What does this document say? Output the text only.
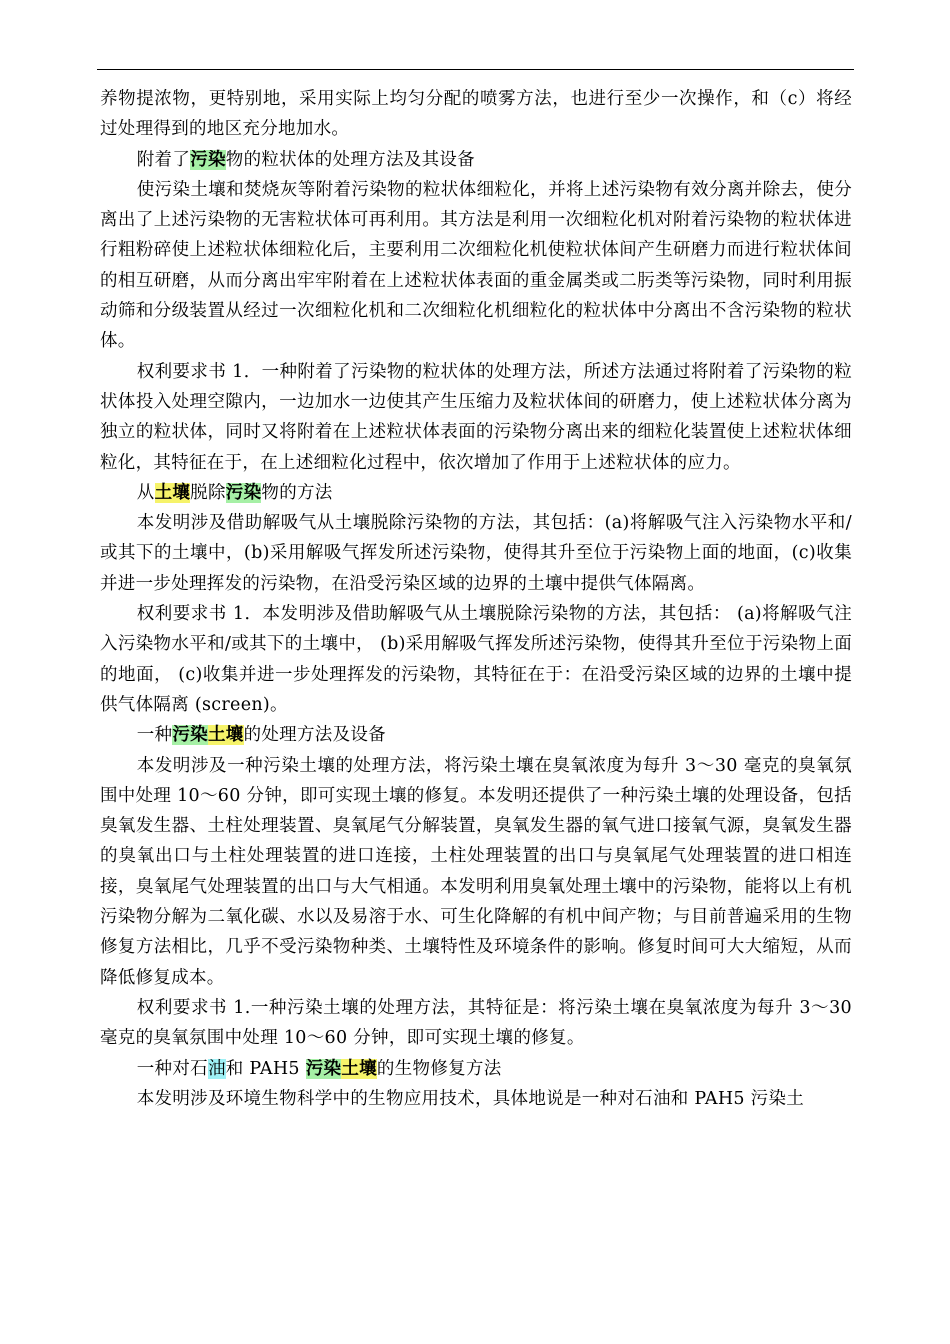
养物提浓物，更特别地，采用实际上均匀分配的喷雾方法，也进行至少一次操作，和（c）将经过处理得到的地区充分地加水。

附着了污染物的粒状体的处理方法及其设备

使污染土壤和焚烧灰等附着污染物的粒状体细粒化，并将上述污染物有效分离并除去，使分离出了上述污染物的无害粒状体可再利用。其方法是利用一次细粒化机对附着污染物的粒状体进行粗粉碎使上述粒状体细粒化后，主要利用二次细粒化机使粒状体间产生研磨力而进行粒状体间的相互研磨，从而分离出牢牢附着在上述粒状体表面的重金属类或二肟类等污染物，同时利用振动筛和分级装置从经过一次细粒化机和二次细粒化机细粒化的粒状体中分离出不含污染物的粒状体。

权利要求书 1．一种附着了污染物的粒状体的处理方法，所述方法通过将附着了污染物的粒状体投入处理空隙内，一边加水一边使其产生压缩力及粒状体间的研磨力，使上述粒状体分离为独立的粒状体，同时又将附着在上述粒状体表面的污染物分离出来的细粒化装置使上述粒状体细粒化，其特征在于，在上述细粒化过程中，依次增加了作用于上述粒状体的应力。

从土壤脱除污染物的方法

本发明涉及借助解吸气从土壤脱除污染物的方法，其包括：(a)将解吸气注入污染物水平和/或其下的土壤中，(b)采用解吸气挥发所述污染物，使得其升至位于污染物上面的地面，(c)收集并进一步处理挥发的污染物，在沿受污染区域的边界的土壤中提供气体隔离。

权利要求书 1．本发明涉及借助解吸气从土壤脱除污染物的方法，其包括： (a)将解吸气注入污染物水平和/或其下的土壤中， (b)采用解吸气挥发所述污染物，使得其升至位于污染物上面的地面， (c)收集并进一步处理挥发的污染物，其特征在于：在沿受污染区域的边界的土壤中提供气体隔离 (screen)。

一种污染土壤的处理方法及设备

本发明涉及一种污染土壤的处理方法，将污染土壤在臭氧浓度为每升 3～30 毫克的臭氧氛围中处理 10～60 分钟，即可实现土壤的修复。本发明还提供了一种污染土壤的处理设备，包括臭氧发生器、土柱处理装置、臭氧尾气分解装置，臭氧发生器的氧气进口接氧气源，臭氧发生器的臭氧出口与土柱处理装置的进口连接，土柱处理装置的出口与臭氧尾气处理装置的进口相连接，臭氧尾气处理装置的出口与大气相通。本发明利用臭氧处理土壤中的污染物，能将以上有机污染物分解为二氧化碳、水以及易溶于水、可生化降解的有机中间产物；与目前普遍采用的生物修复方法相比，几乎不受污染物种类、土壤特性及环境条件的影响。修复时间可大大缩短，从而降低修复成本。

权利要求书 1.一种污染土壤的处理方法，其特征是：将污染土壤在臭氧浓度为每升 3～30 毫克的臭氧氛围中处理 10～60 分钟，即可实现土壤的修复。

一种对石油和 PAH5 污染土壤的生物修复方法

本发明涉及环境生物科学中的生物应用技术，具体地说是一种对石油和 PAH5 污染土
